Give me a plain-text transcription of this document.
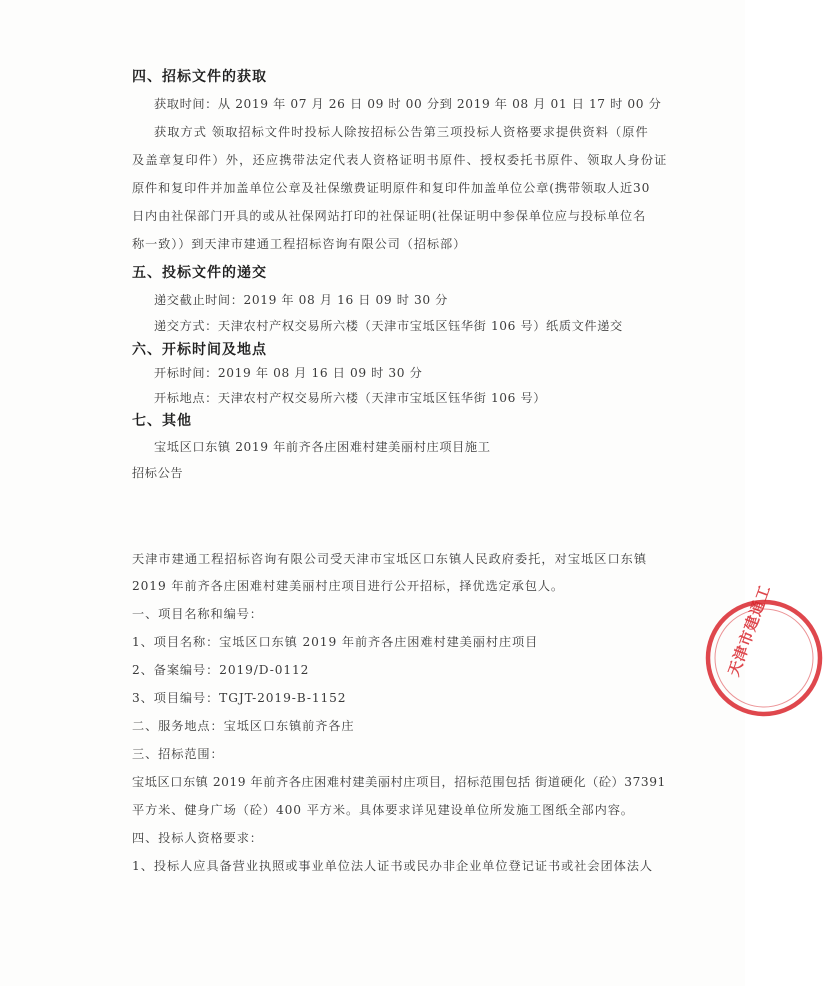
四、招标文件的获取
获取时间：从 2019 年 07 月 26 日 09 时 00 分到 2019 年 08 月 01 日 17 时 00 分
获取方式 领取招标文件时投标人除按招标公告第三项投标人资格要求提供资料（原件
及盖章复印件）外，还应携带法定代表人资格证明书原件、授权委托书原件、领取人身份证
原件和复印件并加盖单位公章及社保缴费证明原件和复印件加盖单位公章(携带领取人近30
日内由社保部门开具的或从社保网站打印的社保证明(社保证明中参保单位应与投标单位名
称一致））到天津市建通工程招标咨询有限公司（招标部）
五、投标文件的递交
递交截止时间：2019 年 08 月 16 日 09 时 30 分
递交方式：天津农村产权交易所六楼（天津市宝坻区钰华街 106 号）纸质文件递交
六、开标时间及地点
开标时间：2019 年 08 月 16 日 09 时 30 分
开标地点：天津农村产权交易所六楼（天津市宝坻区钰华街 106 号）
七、其他
宝坻区口东镇 2019 年前齐各庄困难村建美丽村庄项目施工
招标公告
天津市建通工程招标咨询有限公司受天津市宝坻区口东镇人民政府委托，对宝坻区口东镇
2019 年前齐各庄困难村建美丽村庄项目进行公开招标，择优选定承包人。
一、项目名称和编号：
1、项目名称：宝坻区口东镇 2019 年前齐各庄困难村建美丽村庄项目
2、备案编号：2019/D-0112
3、项目编号：TGJT-2019-B-1152
二、服务地点：宝坻区口东镇前齐各庄
三、招标范围：
宝坻区口东镇 2019 年前齐各庄困难村建美丽村庄项目，招标范围包括 街道硬化（砼）37391
平方米、健身广场（砼）400 平方米。具体要求详见建设单位所发施工图纸全部内容。
四、投标人资格要求：
1、投标人应具备营业执照或事业单位法人证书或民办非企业单位登记证书或社会团体法人
天津市建通工
